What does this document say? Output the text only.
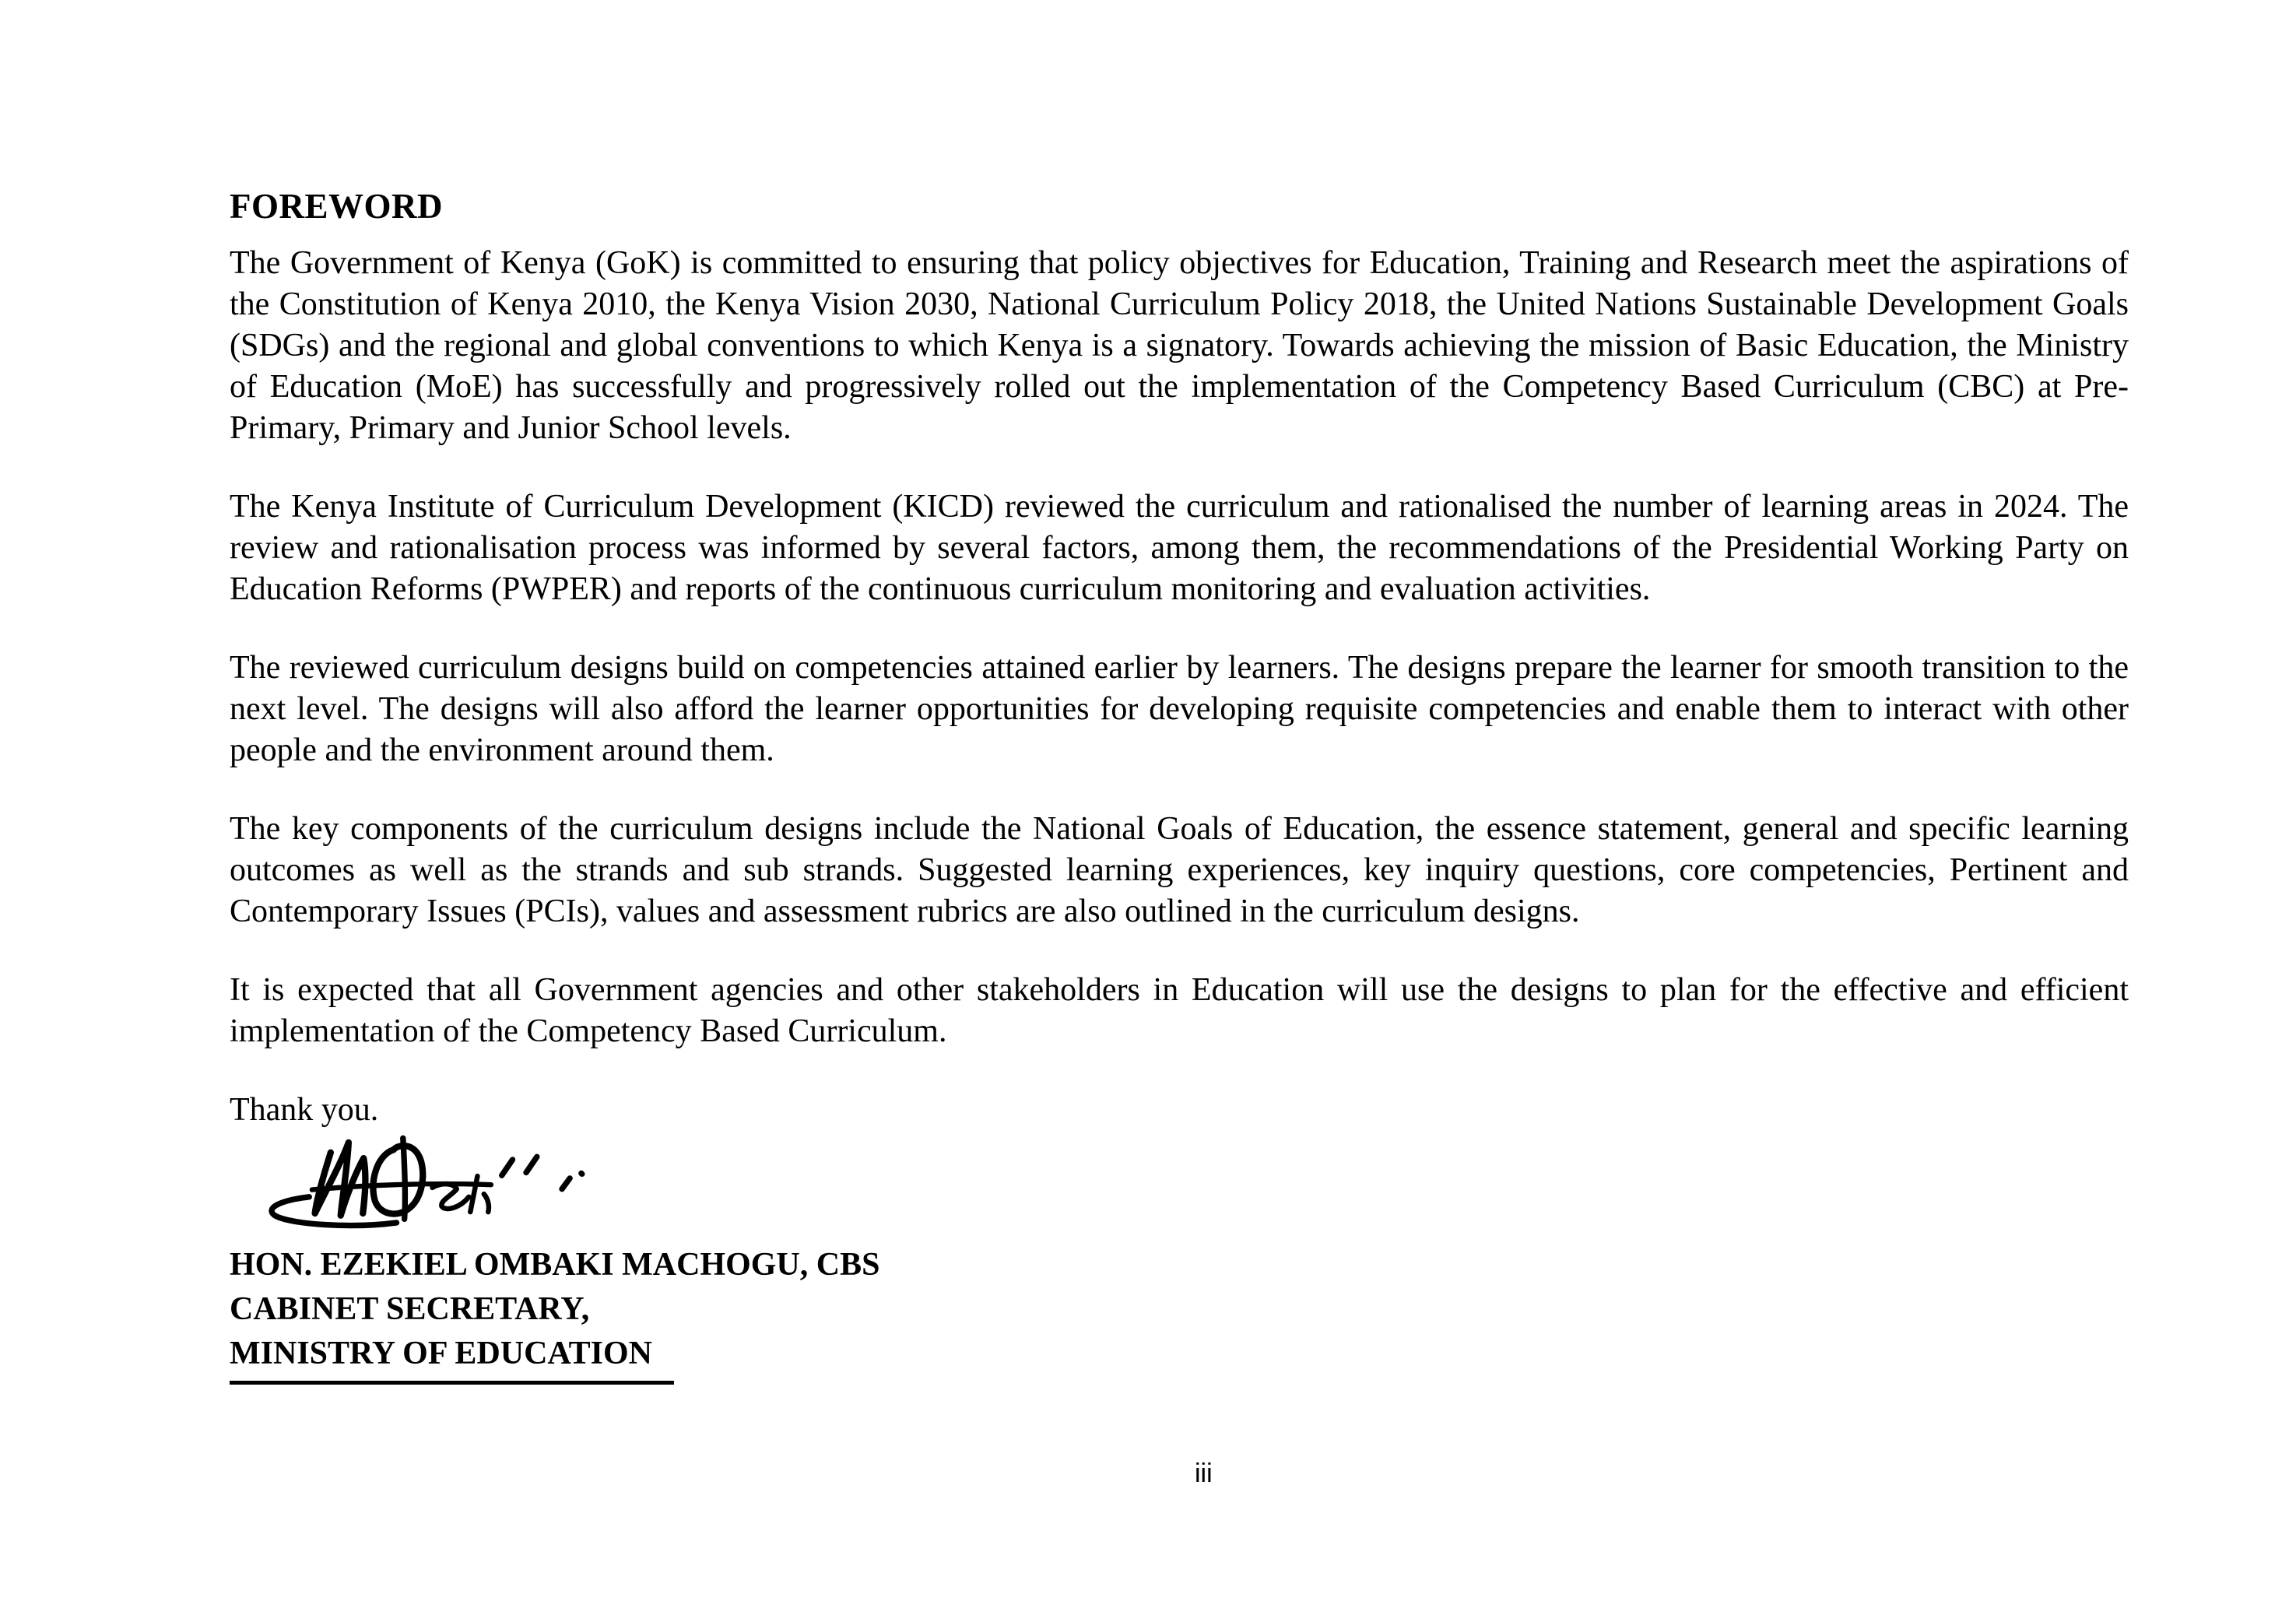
FOREWORD

The Government of Kenya (GoK) is committed to ensuring that policy objectives for Education, Training and Research meet the aspirations of the Constitution of Kenya 2010, the Kenya Vision 2030, National Curriculum Policy 2018, the United Nations Sustainable Development Goals (SDGs) and the regional and global conventions to which Kenya is a signatory. Towards achieving the mission of Basic Education, the Ministry of Education (MoE) has successfully and progressively rolled out the implementation of the Competency Based Curriculum (CBC) at Pre-Primary, Primary and Junior School levels.

The Kenya Institute of Curriculum Development (KICD) reviewed the curriculum and rationalised the number of learning areas in 2024. The review and rationalisation process was informed by several factors, among them, the recommendations of the Presidential Working Party on Education Reforms (PWPER) and reports of the continuous curriculum monitoring and evaluation activities.

The reviewed curriculum designs build on competencies attained earlier by learners. The designs prepare the learner for smooth transition to the next level. The designs will also afford the learner opportunities for developing requisite competencies and enable them to interact with other people and the environment around them.

The key components of the curriculum designs include the National Goals of Education, the essence statement, general and specific learning outcomes as well as the strands and sub strands. Suggested learning experiences, key inquiry questions, core competencies, Pertinent and Contemporary Issues (PCIs), values and assessment rubrics are also outlined in the curriculum designs.

It is expected that all Government agencies and other stakeholders in Education will use the designs to plan for the effective and efficient implementation of the Competency Based Curriculum.

Thank you.

HON. EZEKIEL OMBAKI MACHOGU, CBS
CABINET SECRETARY,
MINISTRY OF EDUCATION
iii
